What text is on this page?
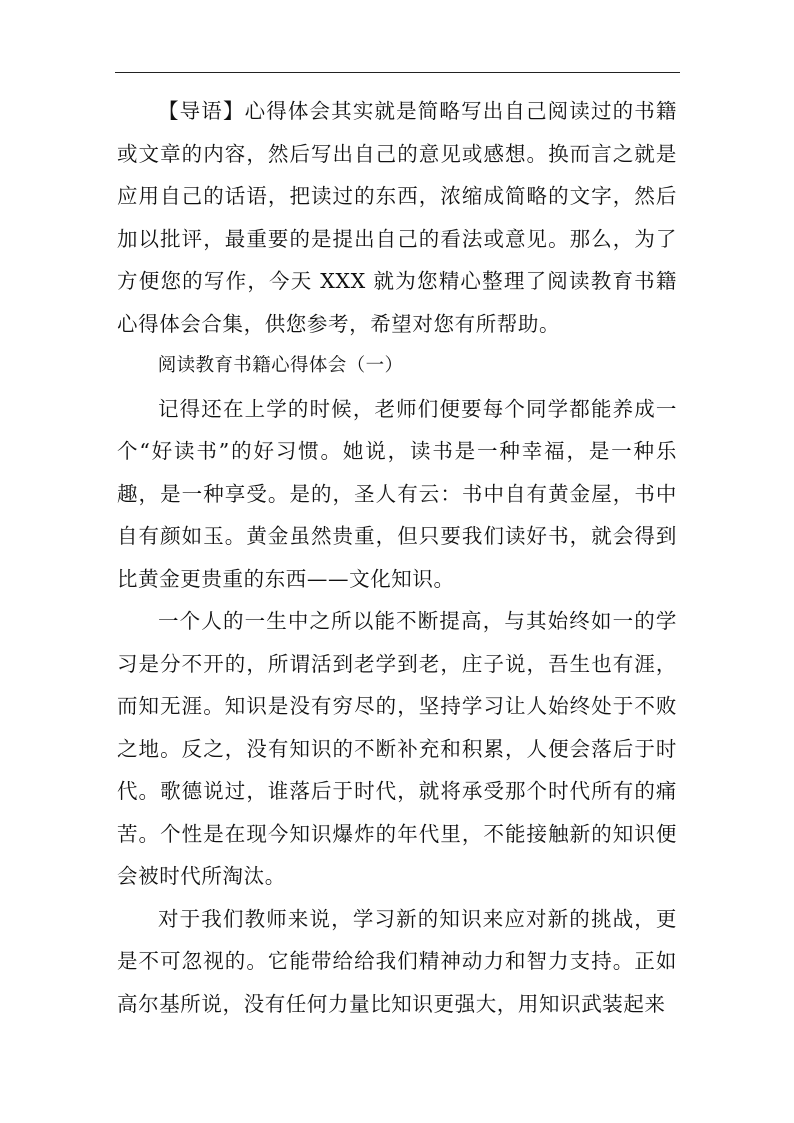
【导语】心得体会其实就是简略写出自己阅读过的书籍或文章的内容，然后写出自己的意见或感想。换而言之就是应用自己的话语，把读过的东西，浓缩成简略的文字，然后加以批评，最重要的是提出自己的看法或意见。那么，为了方便您的写作，今天 XXX 就为您精心整理了阅读教育书籍心得体会合集，供您参考，希望对您有所帮助。

阅读教育书籍心得体会（一）

记得还在上学的时候，老师们便要每个同学都能养成一个“好读书”的好习惯。她说，读书是一种幸福，是一种乐趣，是一种享受。是的，圣人有云：书中自有黄金屋，书中自有颜如玉。黄金虽然贵重，但只要我们读好书，就会得到比黄金更贵重的东西——文化知识。

一个人的一生中之所以能不断提高，与其始终如一的学习是分不开的，所谓活到老学到老，庄子说，吾生也有涯，而知无涯。知识是没有穷尽的，坚持学习让人始终处于不败之地。反之，没有知识的不断补充和积累，人便会落后于时代。歌德说过，谁落后于时代，就将承受那个时代所有的痛苦。个性是在现今知识爆炸的年代里，不能接触新的知识便会被时代所淘汰。

对于我们教师来说，学习新的知识来应对新的挑战，更是不可忽视的。它能带给给我们精神动力和智力支持。正如高尔基所说，没有任何力量比知识更强大，用知识武装起来
